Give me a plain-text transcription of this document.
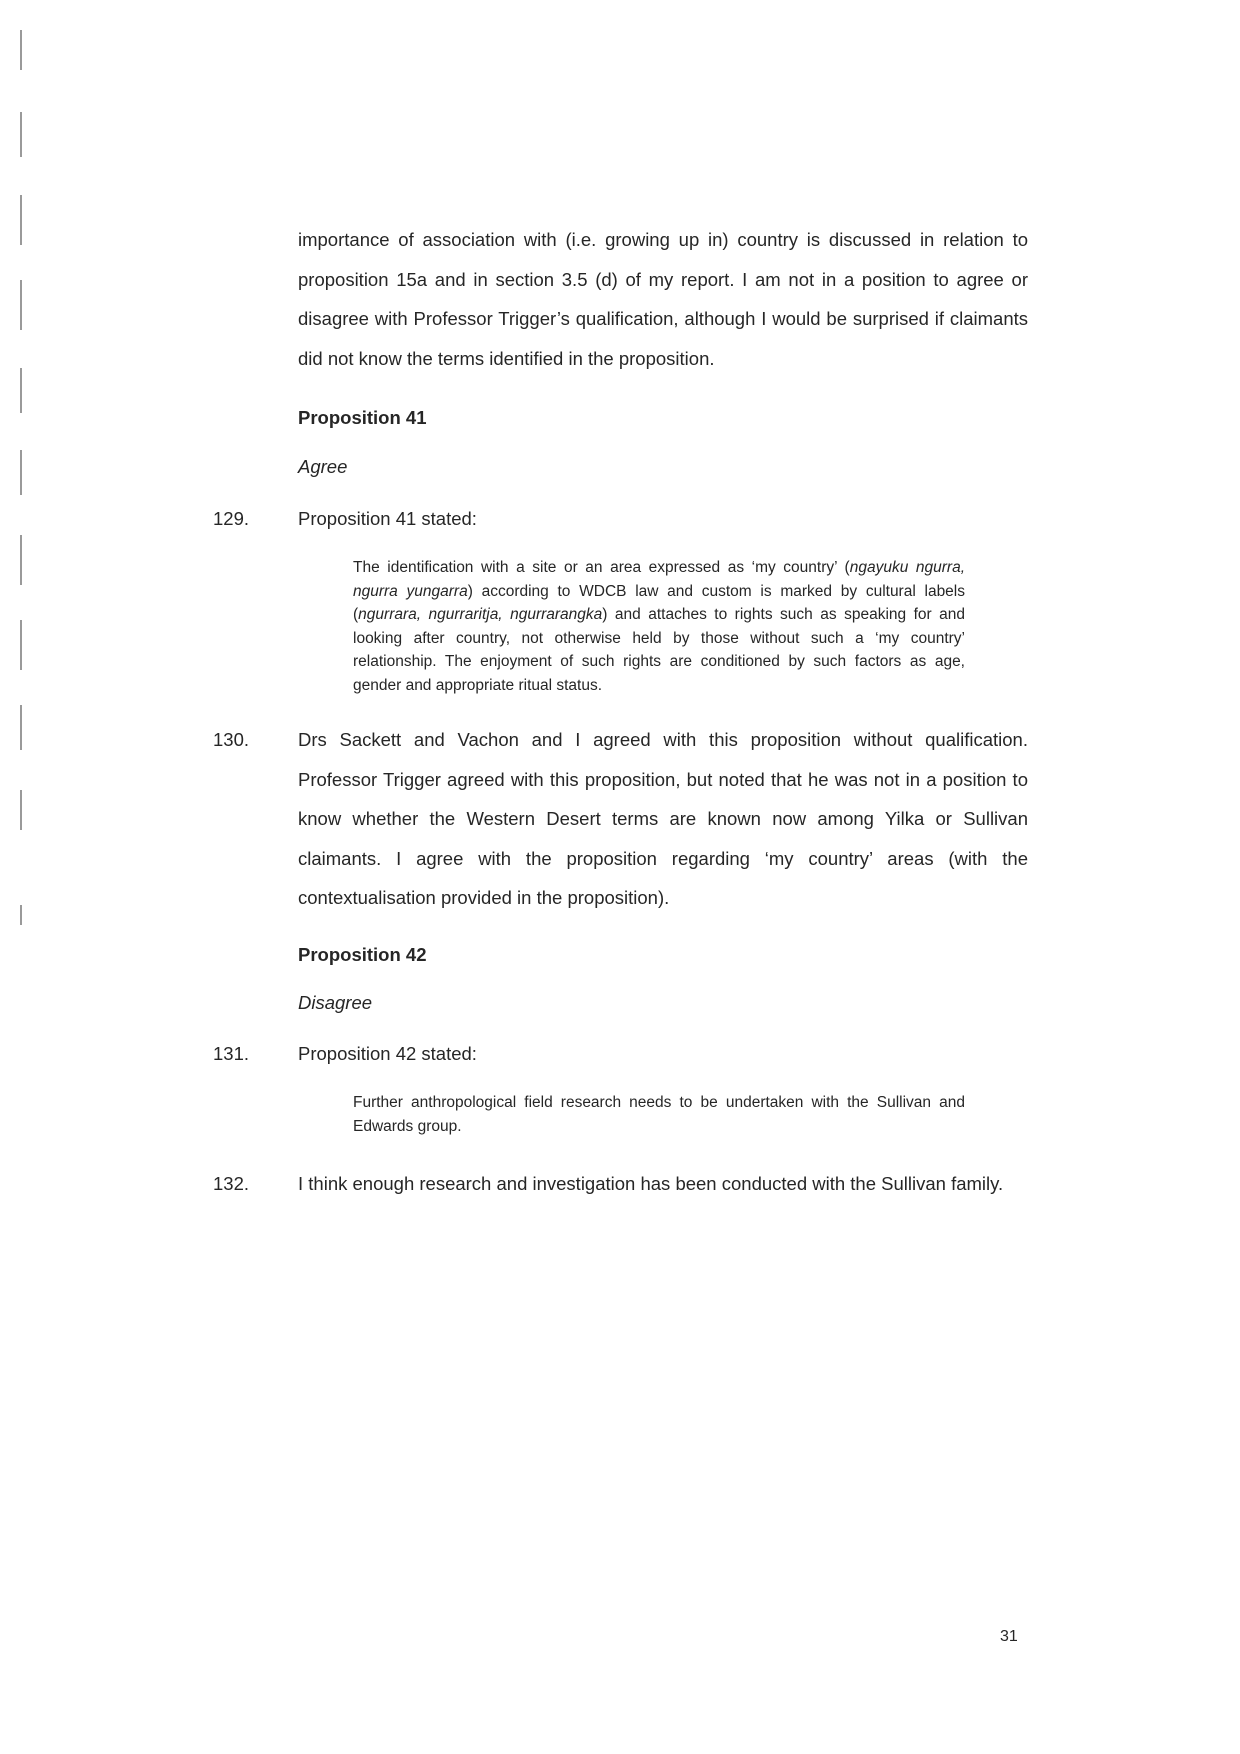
importance of association with (i.e. growing up in) country is discussed in relation to proposition 15a and in section 3.5 (d) of my report. I am not in a position to agree or disagree with Professor Trigger’s qualification, although I would be surprised if claimants did not know the terms identified in the proposition.
Proposition 41
Agree
129.	Proposition 41 stated:
The identification with a site or an area expressed as ‘my country’ (ngayuku ngurra, ngurra yungarra) according to WDCB law and custom is marked by cultural labels (ngurrara, ngurraritja, ngurrarangka) and attaches to rights such as speaking for and looking after country, not otherwise held by those without such a ‘my country’ relationship. The enjoyment of such rights are conditioned by such factors as age, gender and appropriate ritual status.
130.	Drs Sackett and Vachon and I agreed with this proposition without qualification. Professor Trigger agreed with this proposition, but noted that he was not in a position to know whether the Western Desert terms are known now among Yilka or Sullivan claimants. I agree with the proposition regarding ‘my country’ areas (with the contextualisation provided in the proposition).
Proposition 42
Disagree
131.	Proposition 42 stated:
Further anthropological field research needs to be undertaken with the Sullivan and Edwards group.
132.	I think enough research and investigation has been conducted with the Sullivan family.
31
